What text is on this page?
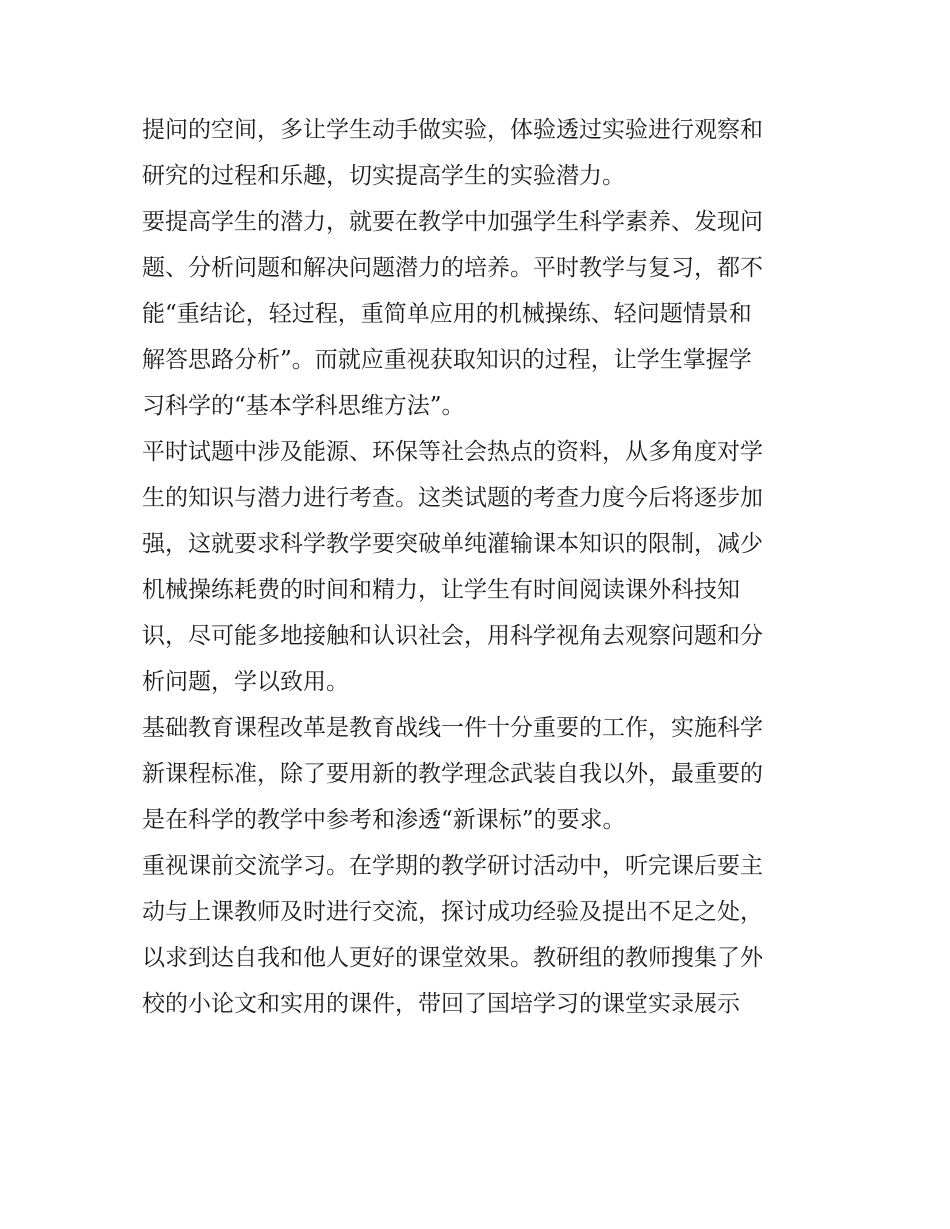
提问的空间，多让学生动手做实验，体验透过实验进行观察和
研究的过程和乐趣，切实提高学生的实验潜力。
要提高学生的潜力，就要在教学中加强学生科学素养、发现问
题、分析问题和解决问题潜力的培养。平时教学与复习，都不
能“重结论，轻过程，重简单应用的机械操练、轻问题情景和
解答思路分析”。而就应重视获取知识的过程，让学生掌握学
习科学的“基本学科思维方法”。
平时试题中涉及能源、环保等社会热点的资料，从多角度对学
生的知识与潜力进行考查。这类试题的考查力度今后将逐步加
强，这就要求科学教学要突破单纯灌输课本知识的限制，减少
机械操练耗费的时间和精力，让学生有时间阅读课外科技知
识，尽可能多地接触和认识社会，用科学视角去观察问题和分
析问题，学以致用。
基础教育课程改革是教育战线一件十分重要的工作，实施科学
新课程标准，除了要用新的教学理念武装自我以外，最重要的
是在科学的教学中参考和渗透“新课标”的要求。
重视课前交流学习。在学期的教学研讨活动中，听完课后要主
动与上课教师及时进行交流，探讨成功经验及提出不足之处，
以求到达自我和他人更好的课堂效果。教研组的教师搜集了外
校的小论文和实用的课件，带回了国培学习的课堂实录展示
